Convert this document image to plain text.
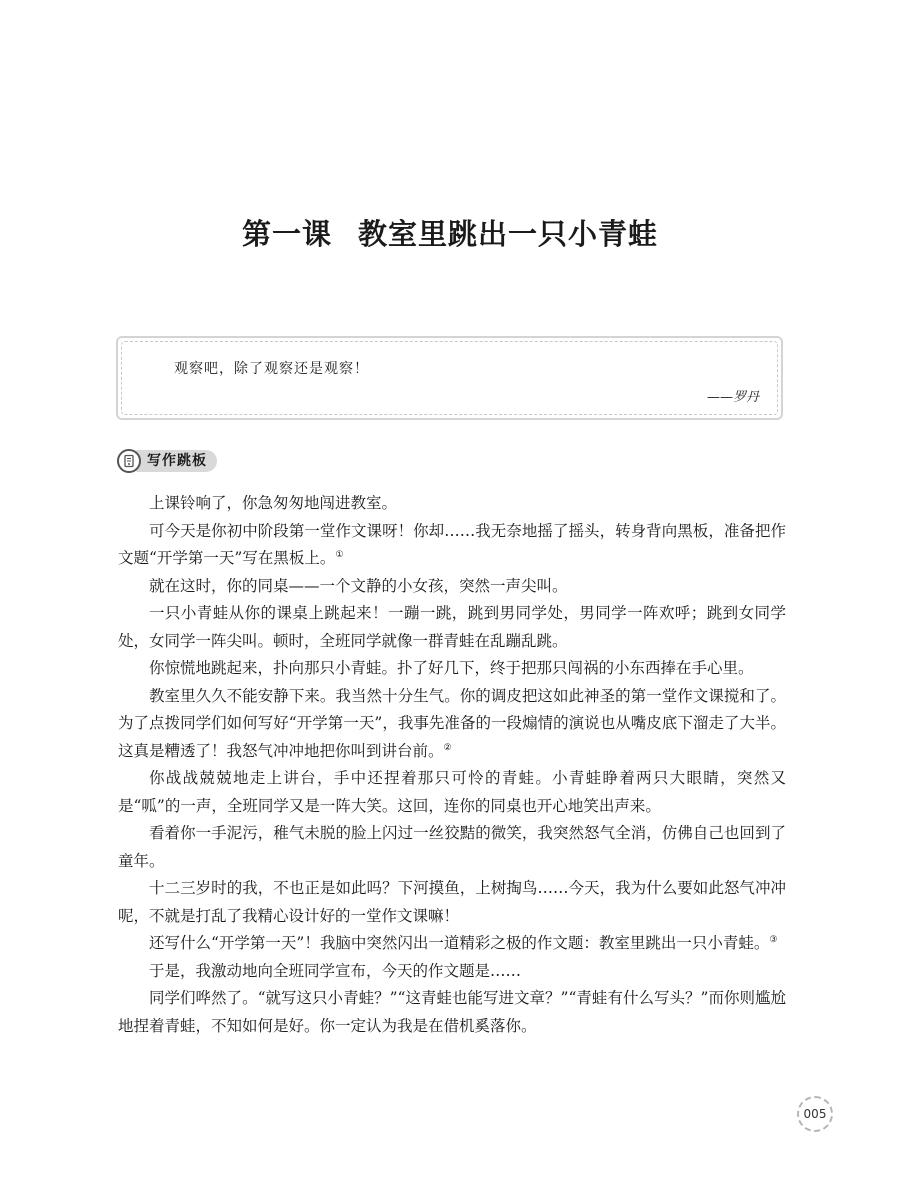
第一课 教室里跳出一只小青蛙
观察吧，除了观察还是观察！
——罗丹
写作跳板

上课铃响了，你急匆匆地闯进教室。

可今天是你初中阶段第一堂作文课呀！你却……我无奈地摇了摇头，转身背向黑板，准备把作文题“开学第一天”写在黑板上。①

就在这时，你的同桌——一个文静的小女孩，突然一声尖叫。

一只小青蛙从你的课桌上跳起来！一蹦一跳，跳到男同学处，男同学一阵欢呼；跳到女同学处，女同学一阵尖叫。顿时，全班同学就像一群青蛙在乱蹦乱跳。

你惊慌地跳起来，扑向那只小青蛙。扑了好几下，终于把那只闯祸的小东西捧在手心里。

教室里久久不能安静下来。我当然十分生气。你的调皮把这如此神圣的第一堂作文课搅和了。为了点拨同学们如何写好“开学第一天”，我事先准备的一段煽情的演说也从嘴皮底下溜走了大半。这真是糟透了！我怒气冲冲地把你叫到讲台前。②

你战战兢兢地走上讲台，手中还捏着那只可怜的青蛙。小青蛙睁着两只大眼睛，突然又是“呱”的一声，全班同学又是一阵大笑。这回，连你的同桌也开心地笑出声来。

看着你一手泥污，稚气未脱的脸上闪过一丝狡黠的微笑，我突然怒气全消，仿佛自己也回到了童年。

十二三岁时的我，不也正是如此吗？下河摸鱼，上树掏鸟……今天，我为什么要如此怒气冲冲呢，不就是打乱了我精心设计好的一堂作文课嘛！

还写什么“开学第一天”！我脑中突然闪出一道精彩之极的作文题：教室里跳出一只小青蛙。③

于是，我激动地向全班同学宣布，今天的作文题是……

同学们哗然了。“就写这只小青蛙？”“这青蛙也能写进文章？”“青蛙有什么写头？”而你则尴尬地捏着青蛙，不知如何是好。你一定认为我是在借机奚落你。

005
